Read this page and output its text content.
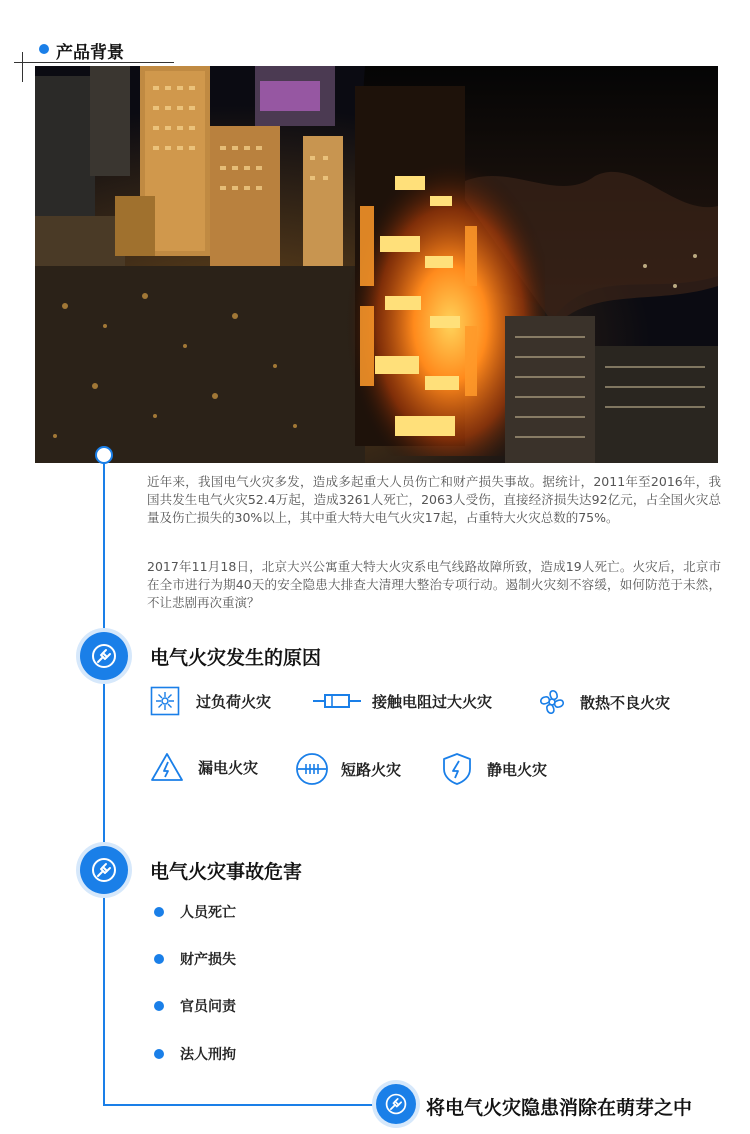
产品背景

近年来，我国电气火灾多发，造成多起重大人员伤亡和财产损失事故。据统计，2011年至2016年，我国共发生电气火灾52.4万起，造成3261人死亡，2063人受伤，直接经济损失达92亿元，占全国火灾总量及伤亡损失的30%以上，其中重大特大电气火灾17起，占重特大火灾总数的75%。

2017年11月18日，北京大兴公寓重大特大火灾系电气线路故障所致，造成19人死亡。火灾后，北京市在全市进行为期40天的安全隐患大排查大清理大整治专项行动。遏制火灾刻不容缓，如何防范于未然，不让悲剧再次重演？

电气火灾发生的原因
过负荷火灾	接触电阻过大火灾	散热不良火灾
漏电火灾	短路火灾	静电火灾
电气火灾事故危害
人员死亡
财产损失
官员问责
法人刑拘
将电气火灾隐患消除在萌芽之中
